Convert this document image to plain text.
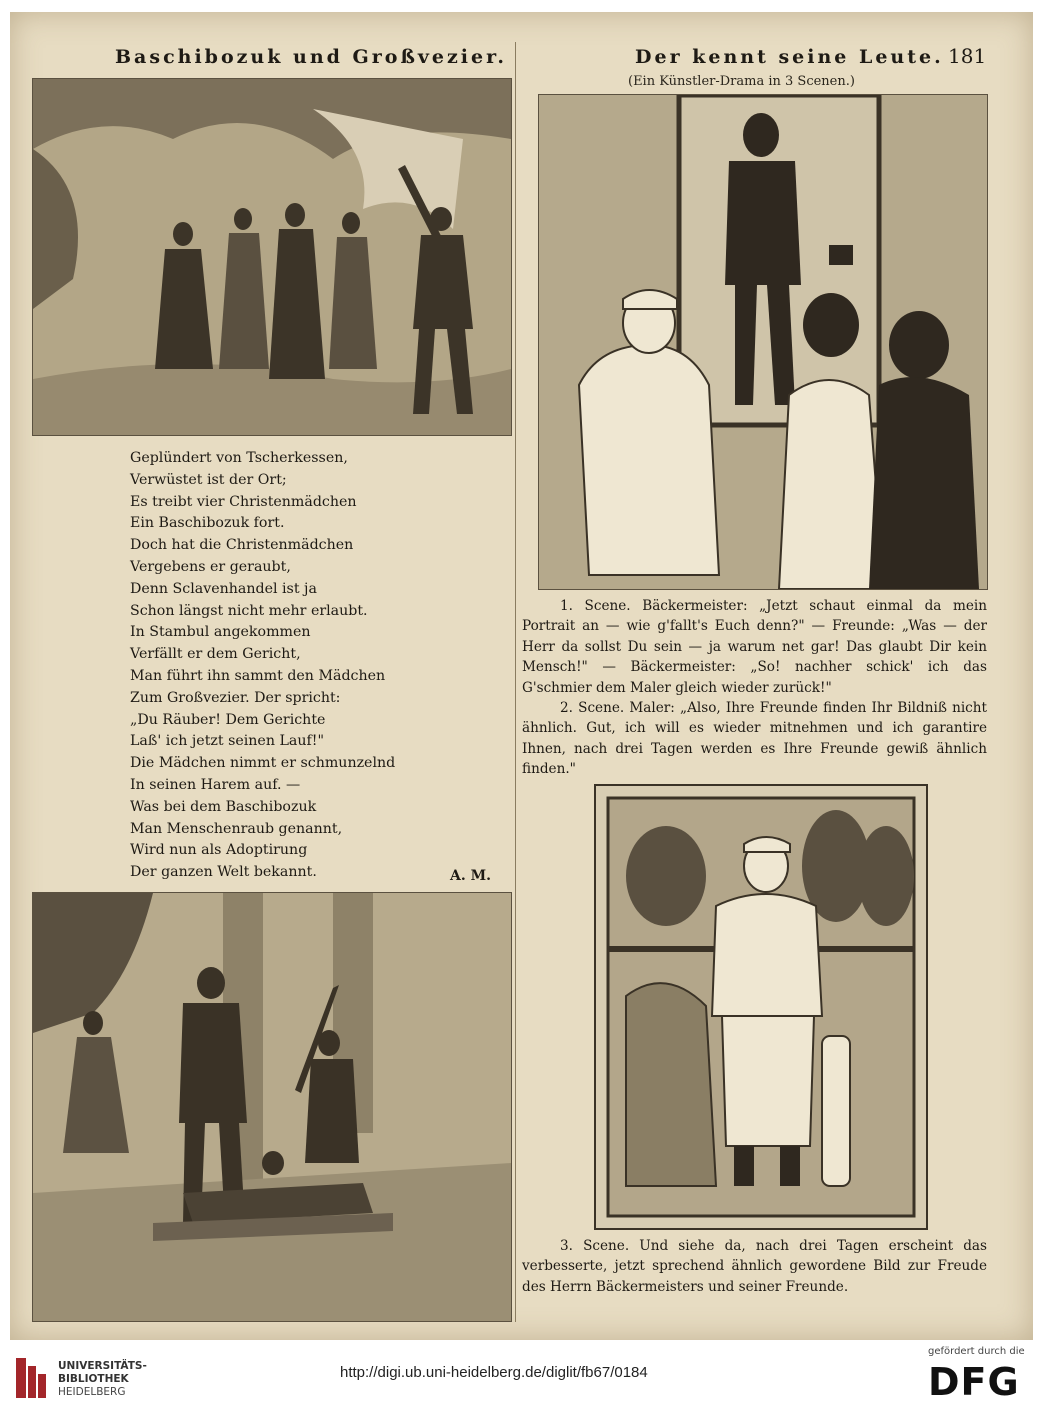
Baschibozuk und Großvezier.	Der kennt seine Leute. 181
(Ein Künstler-Drama in 3 Scenen.)
Geplündert von Tscherkessen,
Verwüstet ist der Ort;
Es treibt vier Christenmädchen
Ein Baschibozuk fort.
Doch hat die Christenmädchen
Vergebens er geraubt,
Denn Sclavenhandel ist ja
Schon längst nicht mehr erlaubt.
In Stambul angekommen
Verfällt er dem Gericht,
Man führt ihn sammt den Mädchen
Zum Großvezier. Der spricht:
„Du Räuber! Dem Gerichte
Laß' ich jetzt seinen Lauf!"
Die Mädchen nimmt er schmunzelnd
In seinen Harem auf. —
Was bei dem Baschibozuk
Man Menschenraub genannt,
Wird nun als Adoptirung
Der ganzen Welt bekannt.	A. M.

1. Scene. Bäckermeister: „Jetzt schaut einmal da mein Portrait an — wie g'fallt's Euch denn?" — Freunde: „Was — der Herr da sollst Du sein — ja warum net gar! Das glaubt Dir kein Mensch!" — Bäckermeister: „So! nachher schick' ich das G'schmier dem Maler gleich wieder zurück!"

2. Scene. Maler: „Also, Ihre Freunde finden Ihr Bildniß nicht ähnlich. Gut, ich will es wieder mitnehmen und ich garantire Ihnen, nach drei Tagen werden es Ihre Freunde gewiß ähnlich finden."

3. Scene. Und siehe da, nach drei Tagen erscheint das verbesserte, jetzt sprechend ähnlich gewordene Bild zur Freude des Herrn Bäckermeisters und seiner Freunde.

UNIVERSITÄTS-
BIBLIOTHEK
HEIDELBERG
http://digi.ub.uni-heidelberg.de/diglit/fb67/0184
gefördert durch die
DFG
